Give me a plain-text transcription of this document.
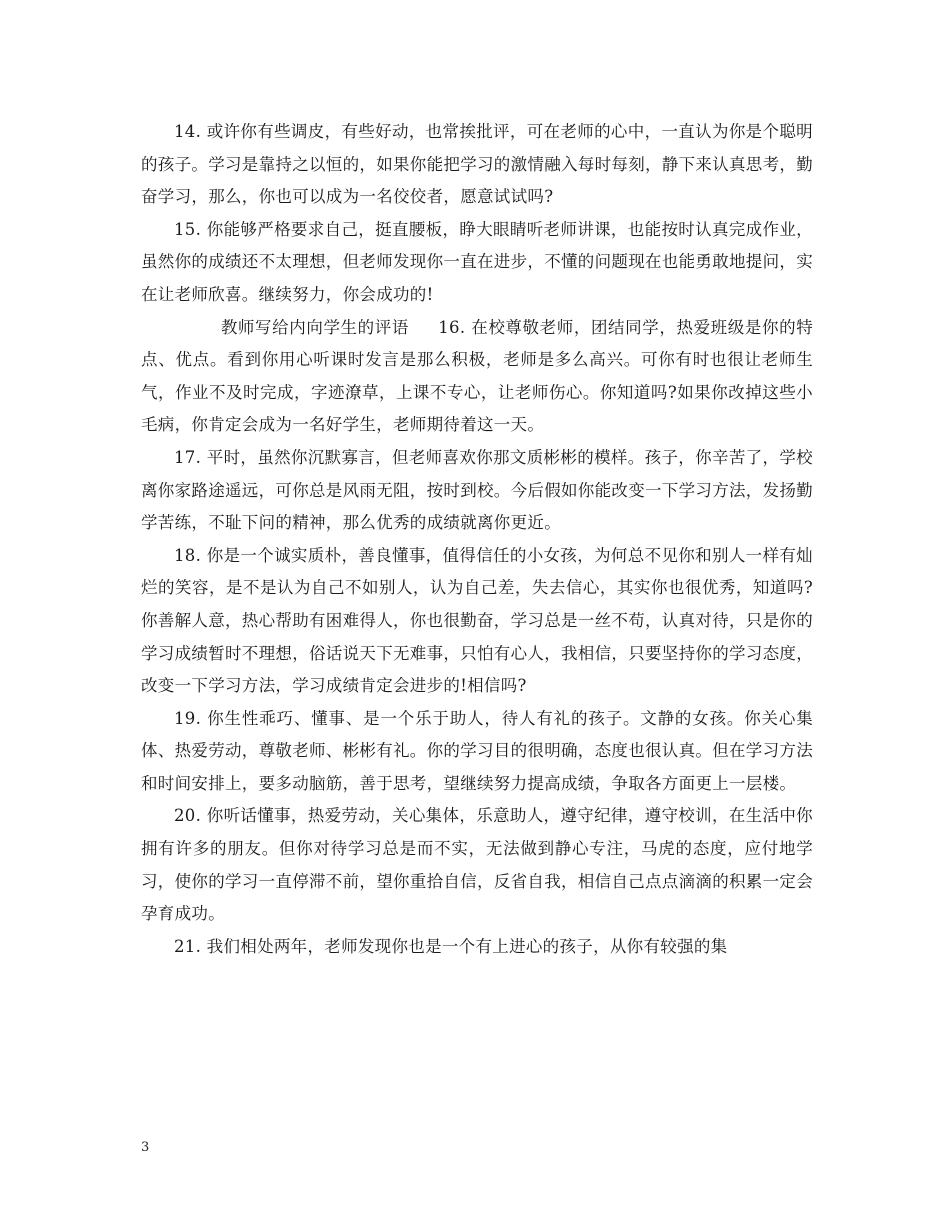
14. 或许你有些调皮，有些好动，也常挨批评，可在老师的心中，一直认为你是个聪明的孩子。学习是靠持之以恒的，如果你能把学习的激情融入每时每刻，静下来认真思考，勤奋学习，那么，你也可以成为一名佼佼者，愿意试试吗?

15. 你能够严格要求自己，挺直腰板，睁大眼睛听老师讲课，也能按时认真完成作业，虽然你的成绩还不太理想，但老师发现你一直在进步，不懂的问题现在也能勇敢地提问，实在让老师欣喜。继续努力，你会成功的!

教师写给内向学生的评语     16. 在校尊敬老师，团结同学，热爱班级是你的特点、优点。看到你用心听课时发言是那么积极，老师是多么高兴。可你有时也很让老师生气，作业不及时完成，字迹潦草，上课不专心，让老师伤心。你知道吗?如果你改掉这些小毛病，你肯定会成为一名好学生，老师期待着这一天。

17. 平时，虽然你沉默寡言，但老师喜欢你那文质彬彬的模样。孩子，你辛苦了，学校离你家路途遥远，可你总是风雨无阻，按时到校。今后假如你能改变一下学习方法，发扬勤学苦练，不耻下问的精神，那么优秀的成绩就离你更近。

18. 你是一个诚实质朴，善良懂事，值得信任的小女孩，为何总不见你和别人一样有灿烂的笑容，是不是认为自己不如别人，认为自己差，失去信心，其实你也很优秀，知道吗?你善解人意，热心帮助有困难得人，你也很勤奋，学习总是一丝不苟，认真对待，只是你的学习成绩暂时不理想，俗话说天下无难事，只怕有心人，我相信，只要坚持你的学习态度，改变一下学习方法，学习成绩肯定会进步的!相信吗?

19. 你生性乖巧、懂事、是一个乐于助人，待人有礼的孩子。文静的女孩。你关心集体、热爱劳动，尊敬老师、彬彬有礼。你的学习目的很明确，态度也很认真。但在学习方法和时间安排上，要多动脑筋，善于思考，望继续努力提高成绩，争取各方面更上一层楼。

20. 你听话懂事，热爱劳动，关心集体，乐意助人，遵守纪律，遵守校训，在生活中你拥有许多的朋友。但你对待学习总是而不实，无法做到静心专注，马虎的态度，应付地学习，使你的学习一直停滞不前，望你重拾自信，反省自我，相信自己点点滴滴的积累一定会孕育成功。

21. 我们相处两年，老师发现你也是一个有上进心的孩子，从你有较强的集

3
